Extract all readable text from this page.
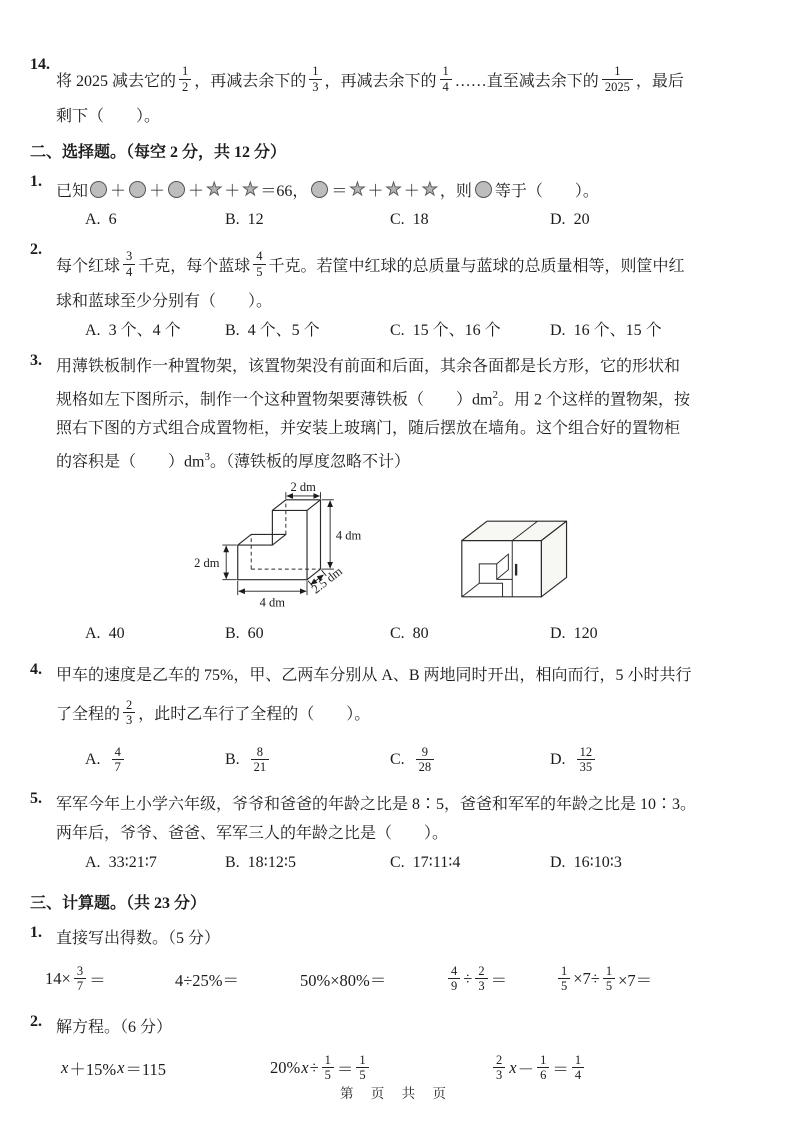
14.
将 2025 减去它的 $\frac{1}{2}$ ，再减去余下的 $\frac{1}{3}$ ，再减去余下的 $\frac{1}{4}$ ……直至减去余下的 $\frac{1}{2025}$ ，最后
剩下（　　）。
二、选择题。（每空 2 分，共 12 分）
1.
已知 ＋ ＋ ＋ ★ ＋ ★ ＝66， ＝ ★ ＋ ★ ＋ ★ ，则 等于（　　）。
A. 6	B. 12	C. 18	D. 20
2.
每个红球 $\frac{3}{4}$ 千克，每个蓝球 $\frac{4}{5}$ 千克。若筐中红球的总质量与蓝球的总质量相等，则筐中红
球和蓝球至少分别有（　　）。
A. 3 个、4 个	B. 4 个、5 个	C. 15 个、16 个	D. 16 个、15 个
3. 用薄铁板制作一种置物架，该置物架没有前面和后面，其余各面都是长方形，它的形状和
规格如左下图所示，制作一个这种置物架要薄铁板（　　）$dm^2$。用 2 个这样的置物架，按
照右下图的方式组合成置物柜，并安装上玻璃门，随后摆放在墙角。这个组合好的置物柜
的容积是（　　）$dm^3$。（薄铁板的厚度忽略不计）
2 dm
4 dm
2 dm
4 dm
2.5 dm
A. 40	B. 60	C. 80	D. 120
4. 甲车的速度是乙车的 75%，甲、乙两车分别从 A、B 两地同时开出，相向而行，5 小时共行
了全程的 $\frac{2}{3}$ ，此时乙车行了全程的（　　）。
A. $\frac{4}{7}$	B. $\frac{8}{21}$	C. $\frac{9}{28}$	D. $\frac{12}{35}$
5. 军军今年上小学六年级，爷爷和爸爸的年龄之比是 8∶5，爸爸和军军的年龄之比是 10∶3。
两年后，爷爷、爸爸、军军三人的年龄之比是（　　）。
A. 33∶21∶7	B. 18∶12∶5	C. 17∶11∶4	D. 16∶10∶3
三、计算题。（共 23 分）
1. 直接写出得数。（5 分）
$14\times \frac{3}{7}$ ＝	4÷25%＝	50%×80%＝	$\frac{4}{9} \div \frac{2}{3}$ ＝	$\frac{1}{5} \times 7\div \frac{1}{5} \times 7=$
2. 解方程。（6 分）
x ＋15% x ＝115	20% $x \div \frac{1}{5} = \frac{1}{5}$	$\frac{2}{3}$ $x - \frac{1}{6} = \frac{1}{4}$
第 页 共 页
